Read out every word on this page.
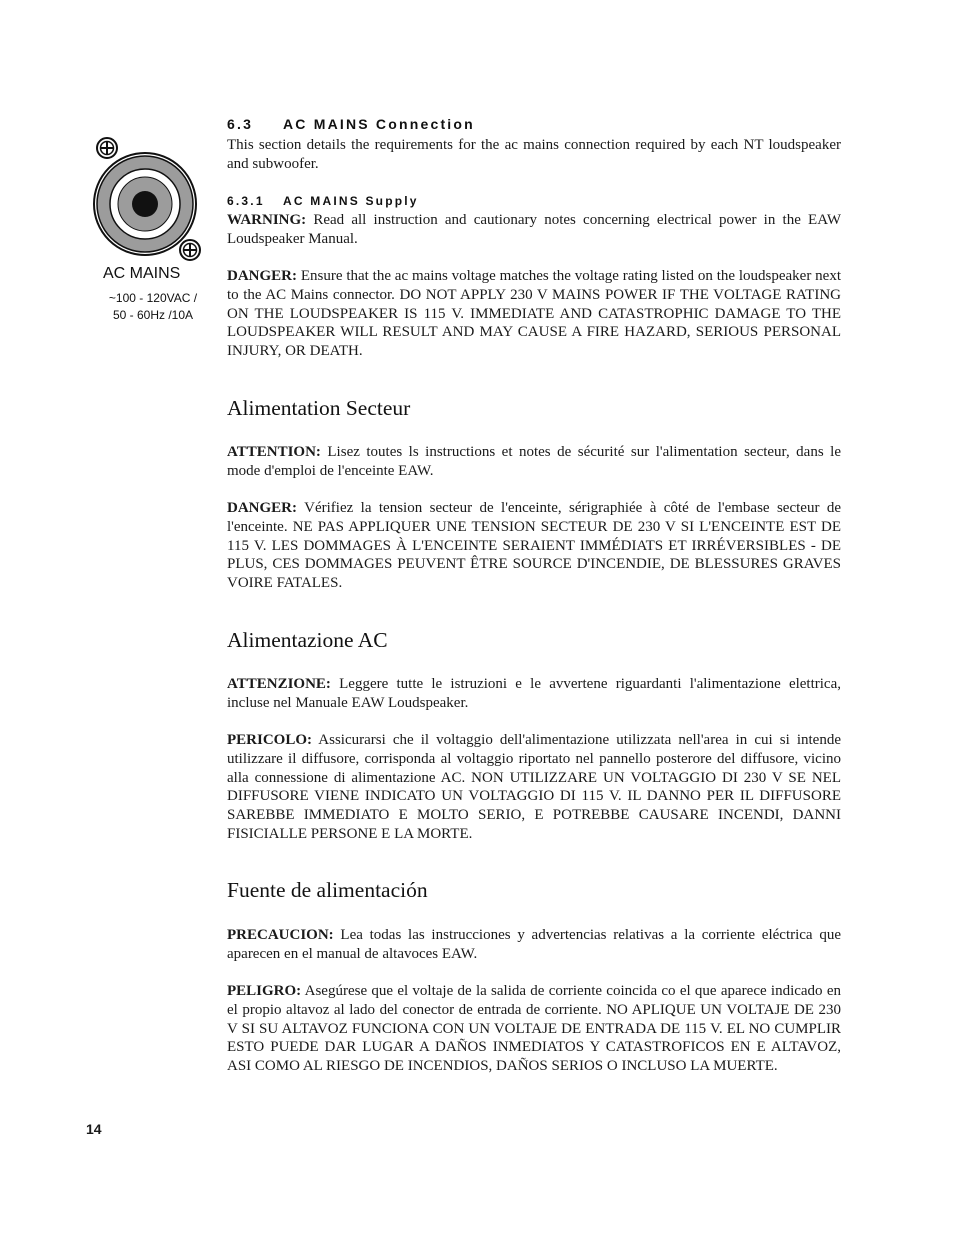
AC MAINS
~100 - 120VAC /
50 - 60Hz /10A
6.3 AC MAINS Connection

This section details the requirements for the ac mains connection required by each NT loudspeaker and subwoofer.

6.3.1 AC MAINS Supply

WARNING: Read all instruction and cautionary notes concerning electrical power in the EAW Loudspeaker Manual.

DANGER: Ensure that the ac mains voltage matches the voltage rating listed on the loudspeaker next to the AC Mains connector. DO NOT APPLY 230 V MAINS POWER IF THE VOLTAGE RATING ON THE LOUDSPEAKER IS 115 V. IMMEDIATE AND CATASTROPHIC DAMAGE TO THE LOUDSPEAKER WILL RESULT AND MAY CAUSE A FIRE HAZARD, SERIOUS PERSONAL INJURY, OR DEATH.

Alimentation Secteur

ATTENTION: Lisez toutes ls instructions et notes de sécurité sur l'alimentation secteur, dans le mode d'emploi de l'enceinte EAW.

DANGER: Vérifiez la tension secteur de l'enceinte, sérigraphiée à côté de l'embase secteur de l'enceinte. NE PAS APPLIQUER UNE TENSION SECTEUR DE 230 V SI L'ENCEINTE EST DE 115 V. LES DOMMAGES À L'ENCEINTE SERAIENT IMMÉDIATS ET IRRÉVERSIBLES - DE PLUS, CES DOMMAGES PEUVENT ÊTRE SOURCE D'INCENDIE, DE BLESSURES GRAVES VOIRE FATALES.

Alimentazione AC

ATTENZIONE: Leggere tutte le istruzioni e le avvertene riguardanti l'alimentazione elettrica, incluse nel Manuale EAW Loudspeaker.

PERICOLO: Assicurarsi che il voltaggio dell'alimentazione utilizzata nell'area in cui si intende utilizzare il diffusore, corrisponda al voltaggio riportato nel pannello posterore del diffusore, vicino alla connessione di alimentazione AC. NON UTILIZZARE UN VOLTAGGIO DI 230 V SE NEL DIFFUSORE VIENE INDICATO UN VOLTAGGIO DI 115 V. IL DANNO PER IL DIFFUSORE SAREBBE IMMEDIATO E MOLTO SERIO, E POTREBBE CAUSARE INCENDI, DANNI FISICIALLE PERSONE E LA MORTE.

Fuente de alimentación

PRECAUCION: Lea todas las instrucciones y advertencias relativas a la corriente eléctrica que aparecen en el manual de altavoces EAW.

PELIGRO: Asegúrese que el voltaje de la salida de corriente coincida co el que aparece indicado en el propio altavoz al lado del conector de entrada de corriente. NO APLIQUE UN VOLTAJE DE 230 V SI SU ALTAVOZ FUNCIONA CON UN VOLTAJE DE ENTRADA DE 115 V. EL NO CUMPLIR ESTO PUEDE DAR LUGAR A DAÑOS INMEDIATOS Y CATASTROFICOS EN E ALTAVOZ, ASI COMO AL RIESGO DE INCENDIOS, DAÑOS SERIOS O INCLUSO LA MUERTE.

14
